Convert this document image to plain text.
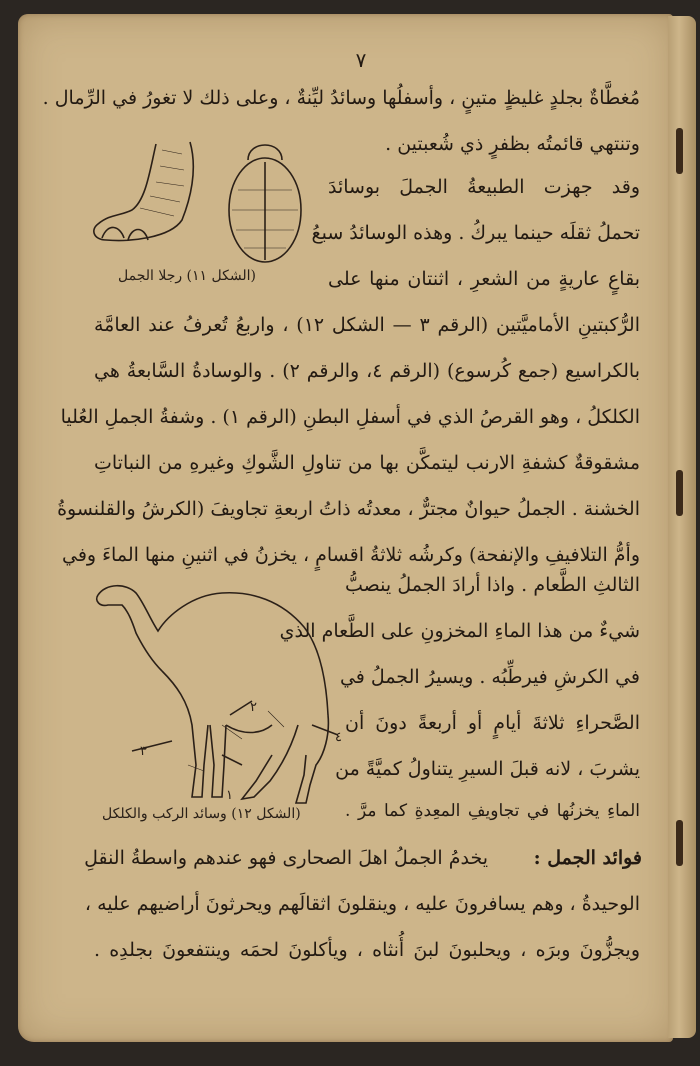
٧
مُغطَّاةٌ بجلدٍ غليظٍ متينٍ ، وأسفلُها وسائدُ ليِّنةٌ ، وعلى ذلك لا تغورُ في الرِّمال .
وتنتهي قائمتُه بظفرٍ ذي شُعبتين .
(الشكل ١١) رجلا الجمل
وقد جهزت الطبيعةُ الجملَ بوسائدَ
تحملُ ثقلَه حينما يبركُ . وهذه الوسائدُ سبعُ
بقاعٍ عاريةٍ من الشعرِ ، اثنتان منها على
الرُّكبتينِ الأماميَّتين (الرقم ٣ — الشكل ١٢) ، واربعُ تُعرفُ عند العامَّة
بالكراسيع (جمع كُرسوع) (الرقم ٤، والرقم ٢) . والوسادةُ السَّابعةُ هي
الكلكلُ ، وهو القرصُ الذي في أسفلِ البطنِ (الرقم ١) . وشفةُ الجملِ العُليا
مشقوقةٌ كشفةِ الارنب ليتمكَّن بها من تناولِ الشَّوكِ وغيرهِ من النباتاتِ
الخشنة . الجملُ حيوانٌ مجترٌّ ، معدتُه ذاتُ اربعةِ تجاويفَ (الكرشُ والقلنسوةُ
وأمُّ التلافيفِ والإنفحة) وكرشُه ثلاثةُ اقسامٍ ، يخزنُ في اثنينِ منها الماءَ وفي
١
٢
٣
٤
(الشكل ١٢) وسائد الركب والكلكل
الثالثِ الطَّعام . واذا أرادَ الجملُ ينصبُّ
شيءٌ من هذا الماءِ المخزونِ على الطَّعام الذي
في الكرشِ فيرطِّبُه . ويسيرُ الجملُ في
الصَّحراءِ ثلاثةَ أيامٍ أو أربعةً دونَ أن
يشربَ ، لانه قبلَ السيرِ يتناولُ كميَّةً من
الماءِ يخزنُها في تجاويفِ المعِدةِ كما مرَّ .
فوائد الجمل :
يخدمُ الجملُ اهلَ الصحارى فهو عندهم واسطةُ النقلِ
الوحيدةُ ، وهم يسافرونَ عليه ، وينقلونَ اثقالَهم ويحرثونَ أراضيهم عليه ،
ويجزُّونَ وبرَه ، ويحلبونَ لبنَ أُنثاه ، ويأكلونَ لحمَه وينتفعونَ بجلدِه .
